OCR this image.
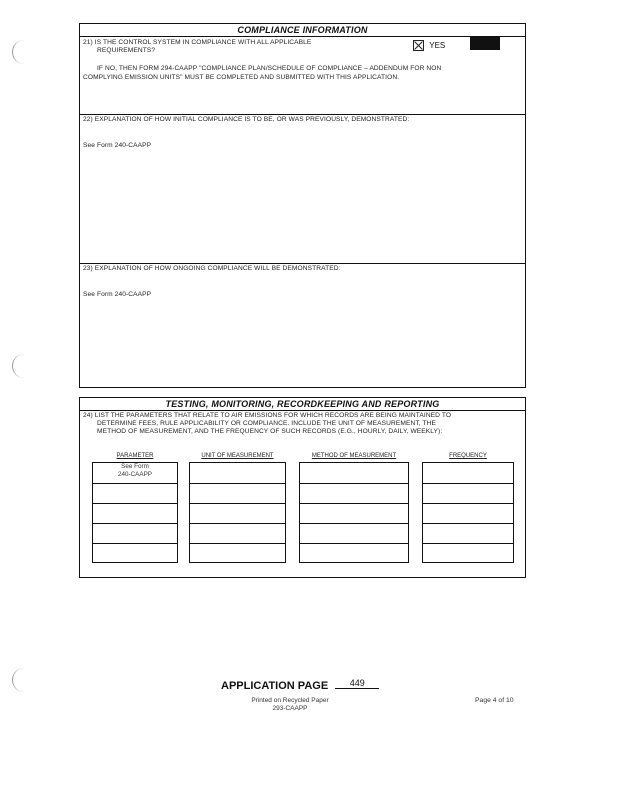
COMPLIANCE INFORMATION
21) IS THE CONTROL SYSTEM IN COMPLIANCE WITH ALL APPLICABLE
REQUIREMENTS?
YES
IF NO, THEN FORM 294-CAAPP "COMPLIANCE PLAN/SCHEDULE OF COMPLIANCE – ADDENDUM FOR NON
COMPLYING EMISSION UNITS" MUST BE COMPLETED AND SUBMITTED WITH THIS APPLICATION.
22) EXPLANATION OF HOW INITIAL COMPLIANCE IS TO BE, OR WAS PREVIOUSLY, DEMONSTRATED:
See Form 240-CAAPP
23) EXPLANATION OF HOW ONGOING COMPLIANCE WILL BE DEMONSTRATED:
See Form 240-CAAPP
TESTING, MONITORING, RECORDKEEPING AND REPORTING
24) LIST THE PARAMETERS THAT RELATE TO AIR EMISSIONS FOR WHICH RECORDS ARE BEING MAINTAINED TO
DETERMINE FEES, RULE APPLICABILITY OR COMPLIANCE. INCLUDE THE UNIT OF MEASUREMENT, THE
METHOD OF MEASUREMENT, AND THE FREQUENCY OF SUCH RECORDS (E.G., HOURLY, DAILY, WEEKLY):
PARAMETER	UNIT OF MEASUREMENT	METHOD OF MEASUREMENT	FREQUENCY
See Form
240-CAAPP
APPLICATION PAGE 449
Printed on Recycled Paper
293-CAAPP
Page 4 of 10
